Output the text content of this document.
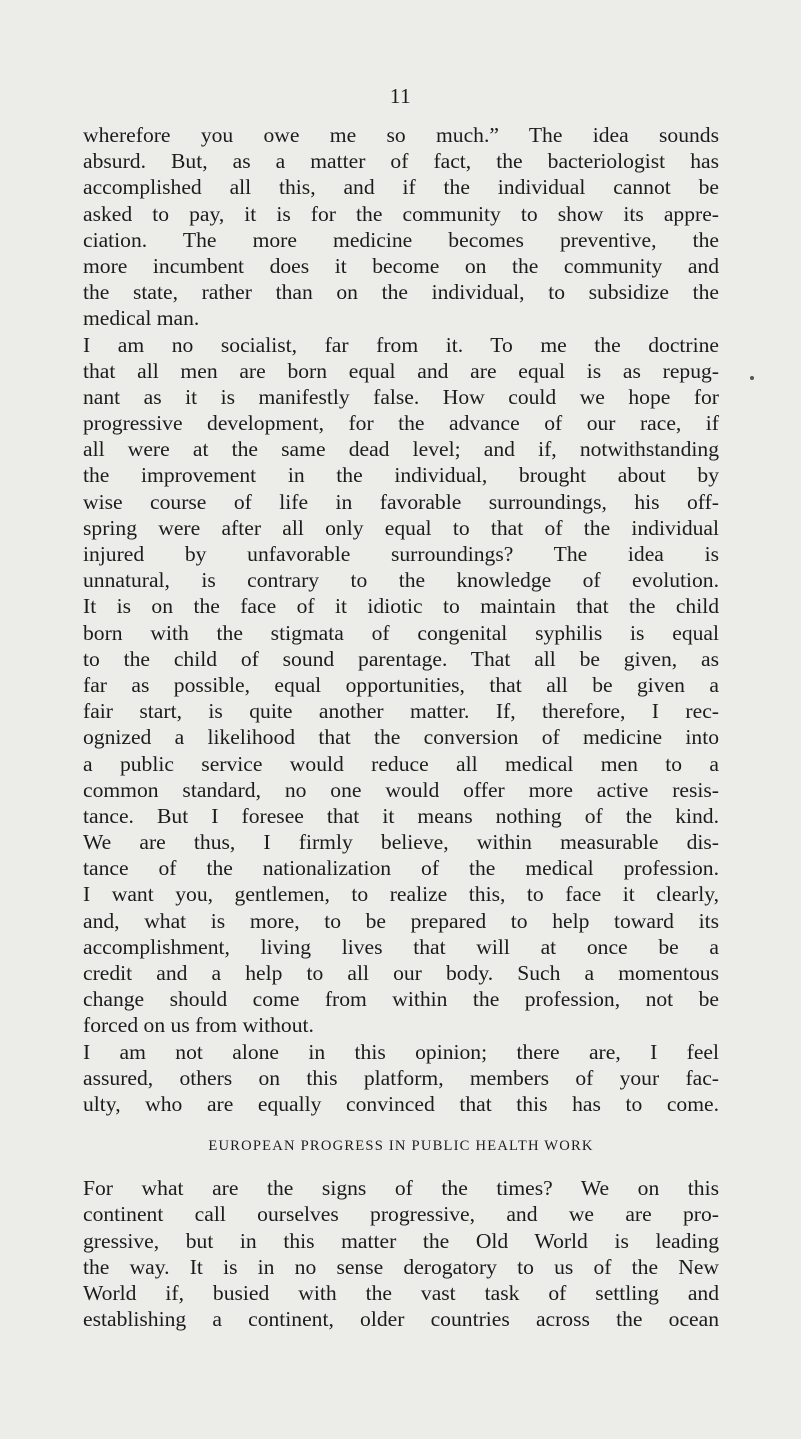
11
wherefore you owe me so much.” The idea sounds
absurd. But, as a matter of fact, the bacteriologist has
accomplished all this, and if the individual cannot be
asked to pay, it is for the community to show its appre-
ciation. The more medicine becomes preventive, the
more incumbent does it become on the community and
the state, rather than on the individual, to subsidize the
medical man.
I am no socialist, far from it. To me the doctrine
that all men are born equal and are equal is as repug-
nant as it is manifestly false. How could we hope for
progressive development, for the advance of our race, if
all were at the same dead level; and if, notwithstanding
the improvement in the individual, brought about by
wise course of life in favorable surroundings, his off-
spring were after all only equal to that of the individual
injured by unfavorable surroundings? The idea is
unnatural, is contrary to the knowledge of evolution.
It is on the face of it idiotic to maintain that the child
born with the stigmata of congenital syphilis is equal
to the child of sound parentage. That all be given, as
far as possible, equal opportunities, that all be given a
fair start, is quite another matter. If, therefore, I rec-
ognized a likelihood that the conversion of medicine into
a public service would reduce all medical men to a
common standard, no one would offer more active resis-
tance. But I foresee that it means nothing of the kind.
We are thus, I firmly believe, within measurable dis-
tance of the nationalization of the medical profession.
I want you, gentlemen, to realize this, to face it clearly,
and, what is more, to be prepared to help toward its
accomplishment, living lives that will at once be a
credit and a help to all our body. Such a momentous
change should come from within the profession, not be
forced on us from without.
I am not alone in this opinion; there are, I feel
assured, others on this platform, members of your fac-
ulty, who are equally convinced that this has to come.
EUROPEAN PROGRESS IN PUBLIC HEALTH WORK
For what are the signs of the times? We on this
continent call ourselves progressive, and we are pro-
gressive, but in this matter the Old World is leading
the way. It is in no sense derogatory to us of the New
World if, busied with the vast task of settling and
establishing a continent, older countries across the ocean
